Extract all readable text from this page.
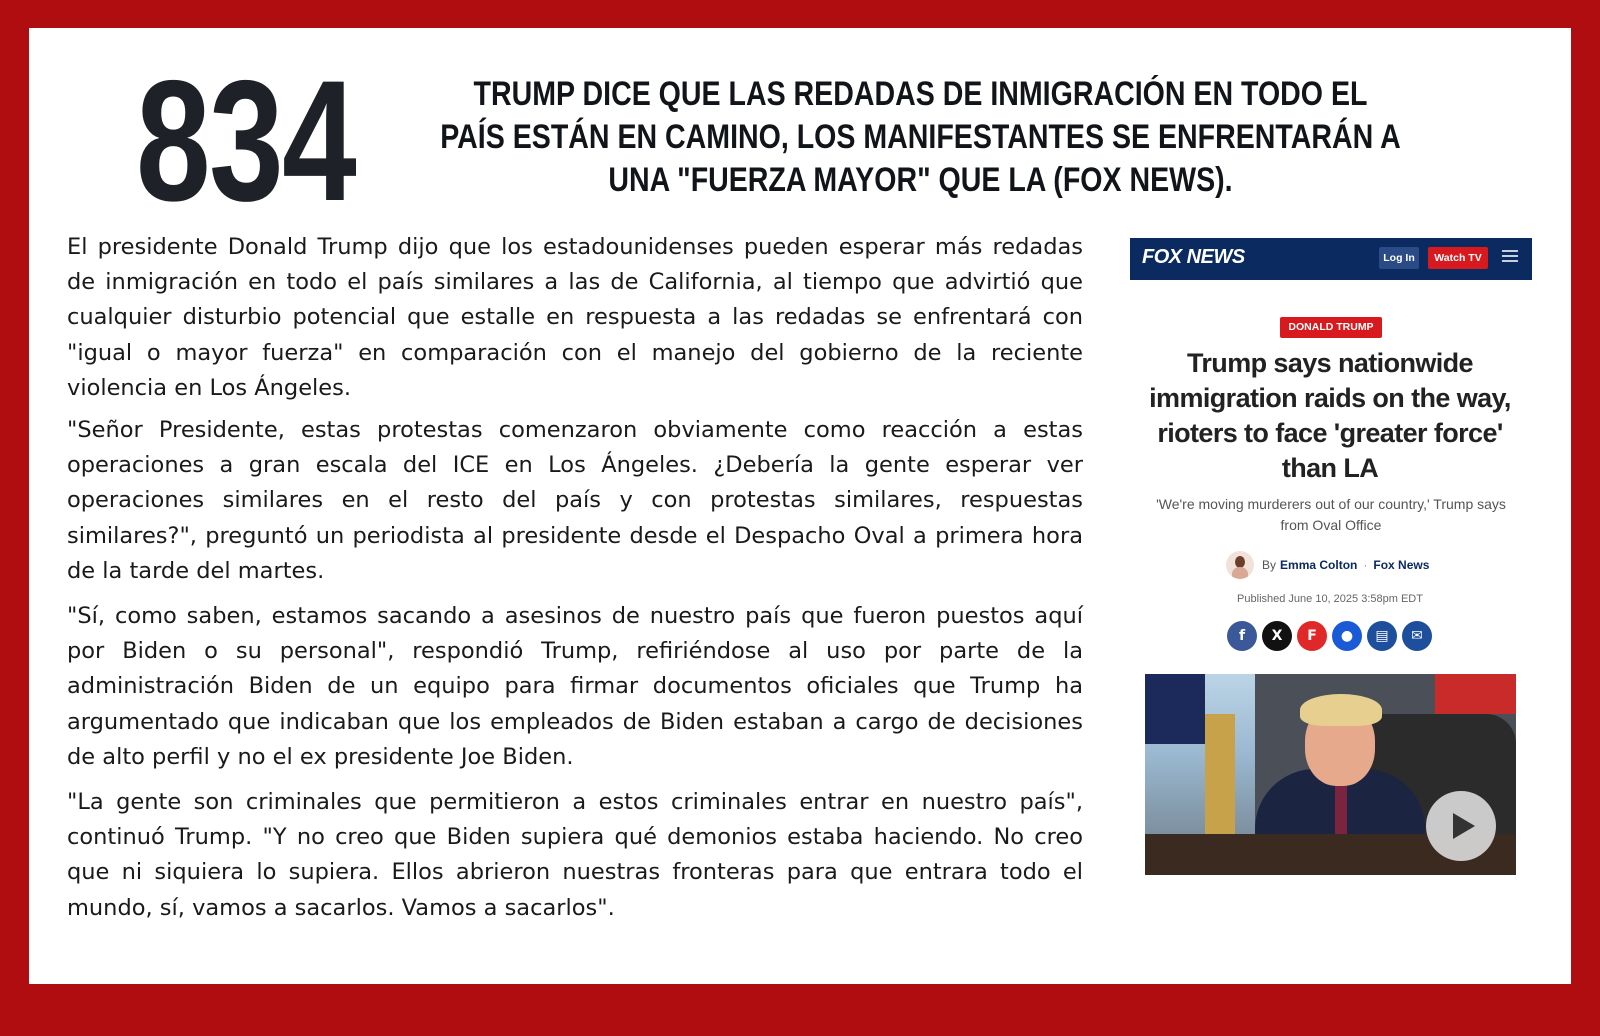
834	TRUMP DICE QUE LAS REDADAS DE INMIGRACIÓN EN TODO EL PAÍS ESTÁN EN CAMINO, LOS MANIFESTANTES SE ENFRENTARÁN A UNA "FUERZA MAYOR" QUE LA (FOX NEWS).

El presidente Donald Trump dijo que los estadounidenses pueden esperar más redadas de inmigración en todo el país similares a las de California, al tiempo que advirtió que cualquier disturbio potencial que estalle en respuesta a las redadas se enfrentará con "igual o mayor fuerza" en comparación con el manejo del gobierno de la reciente violencia en Los Ángeles.

"Señor Presidente, estas protestas comenzaron obviamente como reacción a estas operaciones a gran escala del ICE en Los Ángeles. ¿Debería la gente esperar ver operaciones similares en el resto del país y con protestas similares, respuestas similares?", preguntó un periodista al presidente desde el Despacho Oval a primera hora de la tarde del martes.

"Sí, como saben, estamos sacando a asesinos de nuestro país que fueron puestos aquí por Biden o su personal", respondió Trump, refiriéndose al uso por parte de la administración Biden de un equipo para firmar documentos oficiales que Trump ha argumentado que indicaban que los empleados de Biden estaban a cargo de decisiones de alto perfil y no el ex presidente Joe Biden.

"La gente son criminales que permitieron a estos criminales entrar en nuestro país", continuó Trump. "Y no creo que Biden supiera qué demonios estaba haciendo. No creo que ni siquiera lo supiera. Ellos abrieron nuestras fronteras para que entrara todo el mundo, sí, vamos a sacarlos. Vamos a sacarlos".

FOX NEWS	Log In	Watch TV
DONALD TRUMP
Trump says nationwide immigration raids on the way, rioters to face 'greater force' than LA
'We're moving murderers out of our country,' Trump says from Oval Office
By Emma Colton · Fox News
Published June 10, 2025 3:58pm EDT
f	X	F	●	▤	✉
